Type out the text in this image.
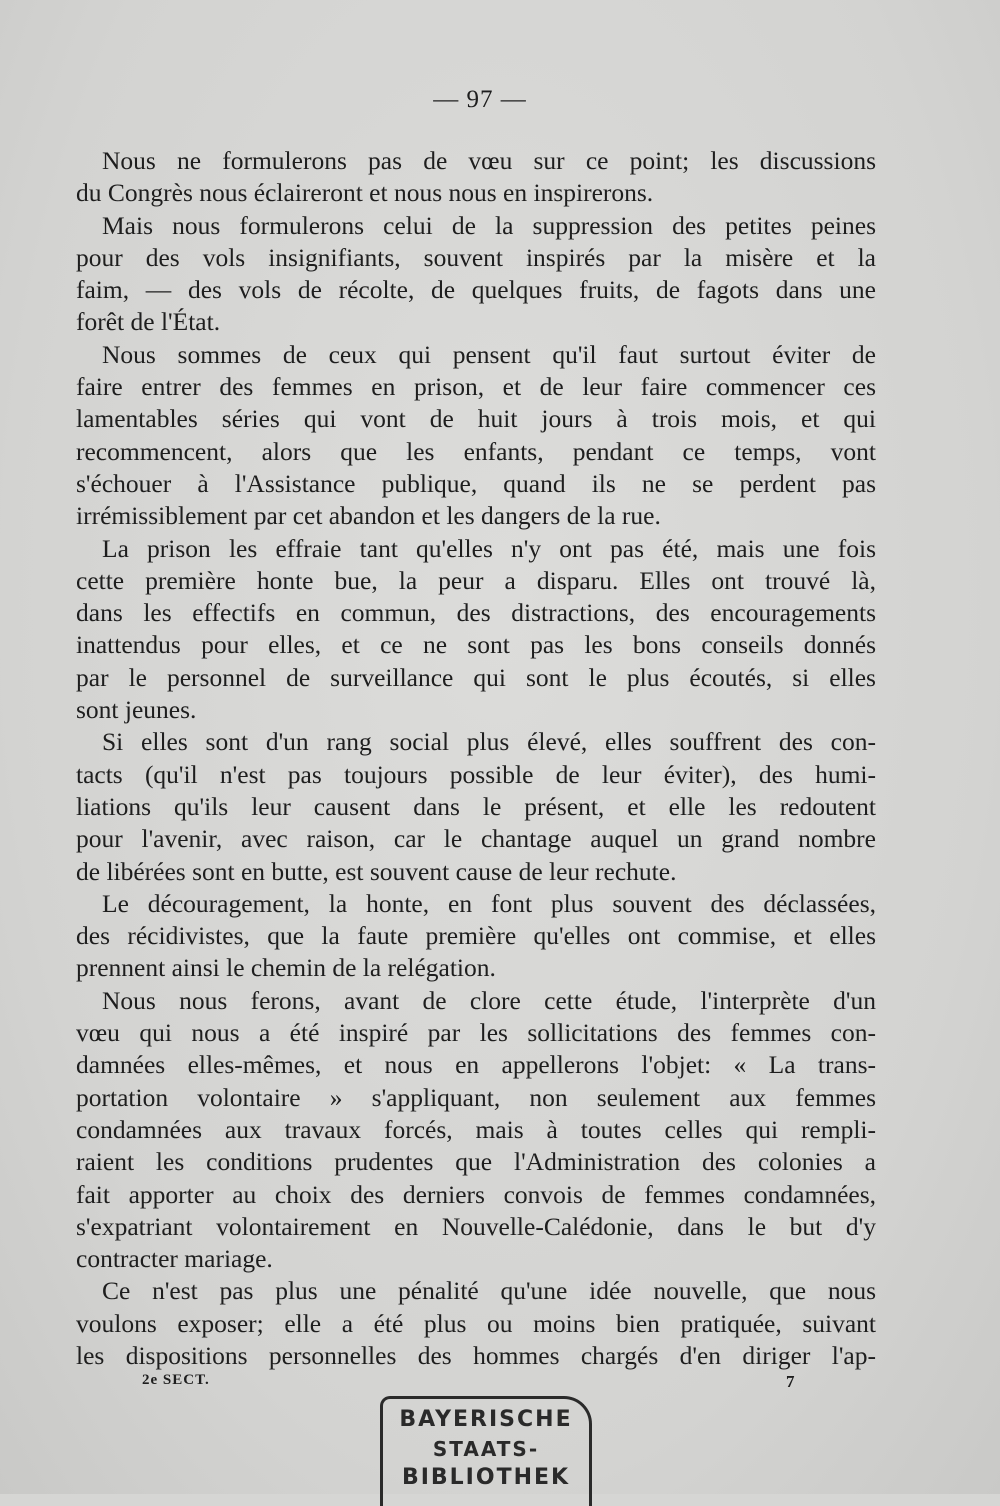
— 97 —

Nous ne formulerons pas de vœu sur ce point; les discussions

du Congrès nous éclaireront et nous nous en inspirerons.

Mais nous formulerons celui de la suppression des petites peines

pour des vols insignifiants, souvent inspirés par la misère et la

faim, — des vols de récolte, de quelques fruits, de fagots dans une

forêt de l'État.

Nous sommes de ceux qui pensent qu'il faut surtout éviter de

faire entrer des femmes en prison, et de leur faire commencer ces

lamentables séries qui vont de huit jours à trois mois, et qui

recommencent, alors que les enfants, pendant ce temps, vont

s'échouer à l'Assistance publique, quand ils ne se perdent pas

irrémissiblement par cet abandon et les dangers de la rue.

La prison les effraie tant qu'elles n'y ont pas été, mais une fois

cette première honte bue, la peur a disparu. Elles ont trouvé là,

dans les effectifs en commun, des distractions, des encouragements

inattendus pour elles, et ce ne sont pas les bons conseils donnés

par le personnel de surveillance qui sont le plus écoutés, si elles

sont jeunes.

Si elles sont d'un rang social plus élevé, elles souffrent des con-

tacts (qu'il n'est pas toujours possible de leur éviter), des humi-

liations qu'ils leur causent dans le présent, et elle les redoutent

pour l'avenir, avec raison, car le chantage auquel un grand nombre

de libérées sont en butte, est souvent cause de leur rechute.

Le découragement, la honte, en font plus souvent des déclassées,

des récidivistes, que la faute première qu'elles ont commise, et elles

prennent ainsi le chemin de la relégation.

Nous nous ferons, avant de clore cette étude, l'interprète d'un

vœu qui nous a été inspiré par les sollicitations des femmes con-

damnées elles-mêmes, et nous en appellerons l'objet: « La trans-

portation volontaire » s'appliquant, non seulement aux femmes

condamnées aux travaux forcés, mais à toutes celles qui rempli-

raient les conditions prudentes que l'Administration des colonies a

fait apporter au choix des derniers convois de femmes condamnées,

s'expatriant volontairement en Nouvelle-Calédonie, dans le but d'y

contracter mariage.

Ce n'est pas plus une pénalité qu'une idée nouvelle, que nous

voulons exposer; elle a été plus ou moins bien pratiquée, suivant

les dispositions personnelles des hommes chargés d'en diriger l'ap-

2e SECT.	7
BAYERISCHE
STAATS-
BIBLIOTHEK
